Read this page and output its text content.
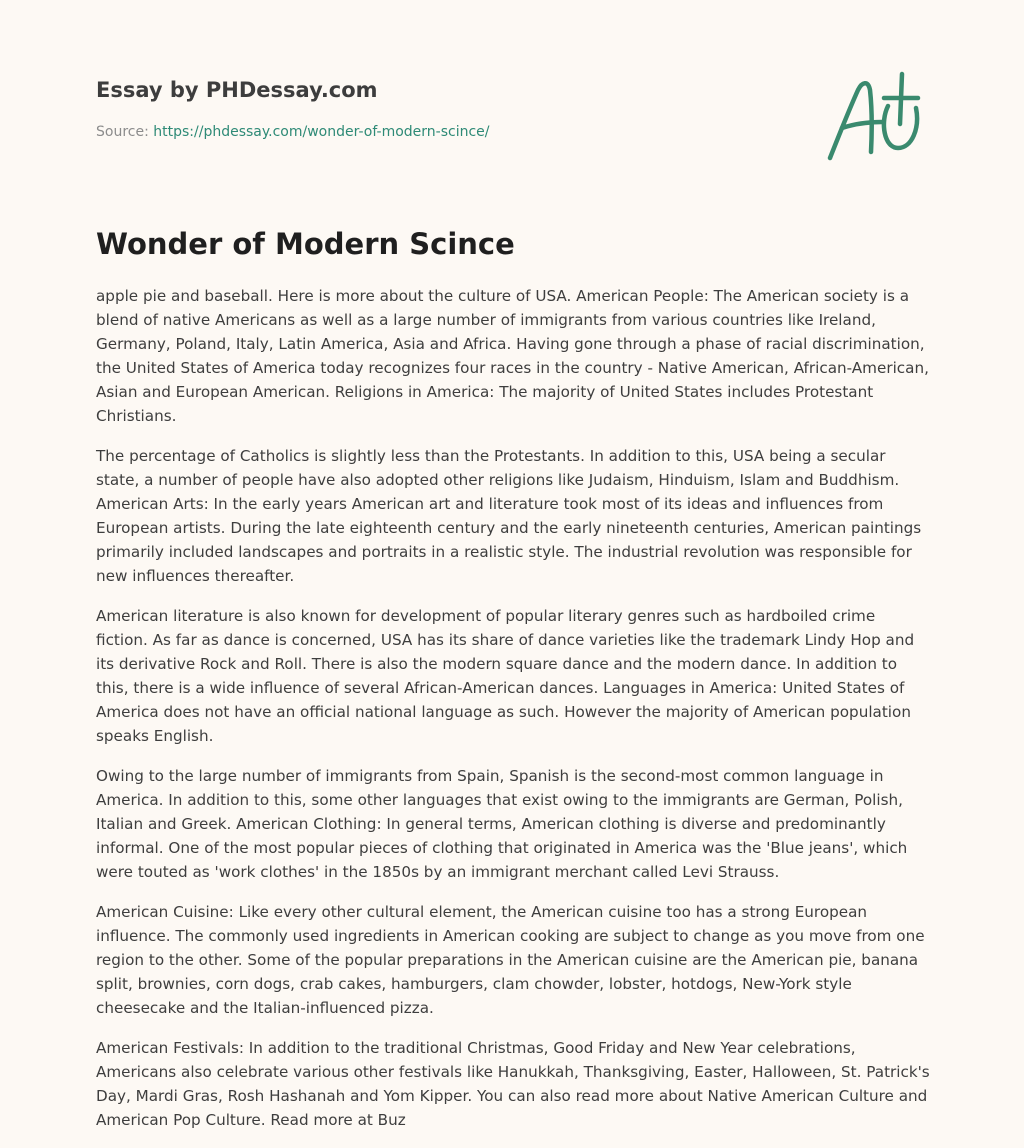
Essay by PHDessay.com
Source: https://phdessay.com/wonder-of-modern-scince/
Wonder of Modern Scince

apple pie and baseball. Here is more about the culture of USA. American People: The American society is a blend of native Americans as well as a large number of immigrants from various countries like Ireland, Germany, Poland, Italy, Latin America, Asia and Africa. Having gone through a phase of racial discrimination, the United States of America today recognizes four races in the country - Native American, African-American, Asian and European American. Religions in America: The majority of United States includes Protestant Christians.

The percentage of Catholics is slightly less than the Protestants. In addition to this, USA being a secular state, a number of people have also adopted other religions like Judaism, Hinduism, Islam and Buddhism. American Arts: In the early years American art and literature took most of its ideas and influences from European artists. During the late eighteenth century and the early nineteenth centuries, American paintings primarily included landscapes and portraits in a realistic style. The industrial revolution was responsible for new influences thereafter.

American literature is also known for development of popular literary genres such as hardboiled crime fiction. As far as dance is concerned, USA has its share of dance varieties like the trademark Lindy Hop and its derivative Rock and Roll. There is also the modern square dance and the modern dance. In addition to this, there is a wide influence of several African-American dances. Languages in America: United States of America does not have an official national language as such. However the majority of American population speaks English.

Owing to the large number of immigrants from Spain, Spanish is the second-most common language in America. In addition to this, some other languages that exist owing to the immigrants are German, Polish, Italian and Greek. American Clothing: In general terms, American clothing is diverse and predominantly informal. One of the most popular pieces of clothing that originated in America was the 'Blue jeans', which were touted as 'work clothes' in the 1850s by an immigrant merchant called Levi Strauss.

American Cuisine: Like every other cultural element, the American cuisine too has a strong European influence. The commonly used ingredients in American cooking are subject to change as you move from one region to the other. Some of the popular preparations in the American cuisine are the American pie, banana split, brownies, corn dogs, crab cakes, hamburgers, clam chowder, lobster, hotdogs, New-York style cheesecake and the Italian-influenced pizza.

American Festivals: In addition to the traditional Christmas, Good Friday and New Year celebrations, Americans also celebrate various other festivals like Hanukkah, Thanksgiving, Easter, Halloween, St. Patrick's Day, Mardi Gras, Rosh Hashanah and Yom Kipper. You can also read more about Native American Culture and American Pop Culture. Read more at Buz
